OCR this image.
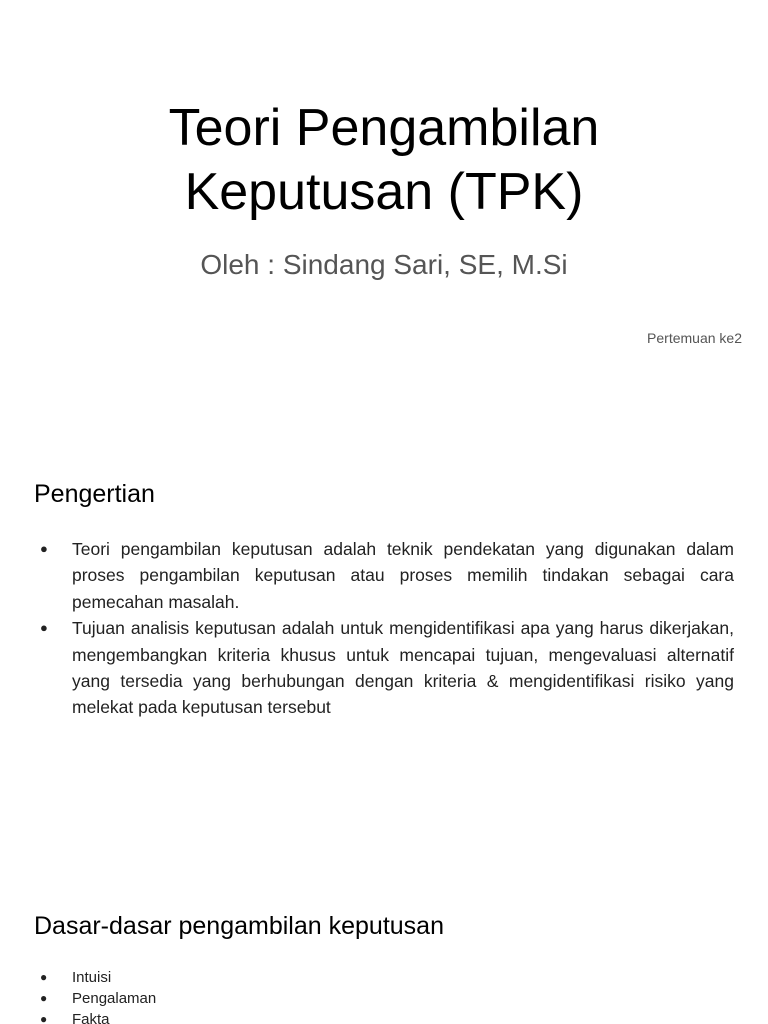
Teori Pengambilan
Keputusan (TPK)

Oleh : Sindang Sari, SE, M.Si

Pertemuan ke2

Pengertian
● Teori pengambilan keputusan adalah teknik pendekatan yang digunakan dalam proses pengambilan keputusan atau proses memilih tindakan sebagai cara pemecahan masalah.
● Tujuan analisis keputusan adalah untuk mengidentifikasi apa yang harus dikerjakan, mengembangkan kriteria khusus untuk mencapai tujuan, mengevaluasi alternatif yang tersedia yang berhubungan dengan kriteria & mengidentifikasi risiko yang melekat pada keputusan tersebut
Dasar-dasar pengambilan keputusan
● Intuisi
● Pengalaman
● Fakta
